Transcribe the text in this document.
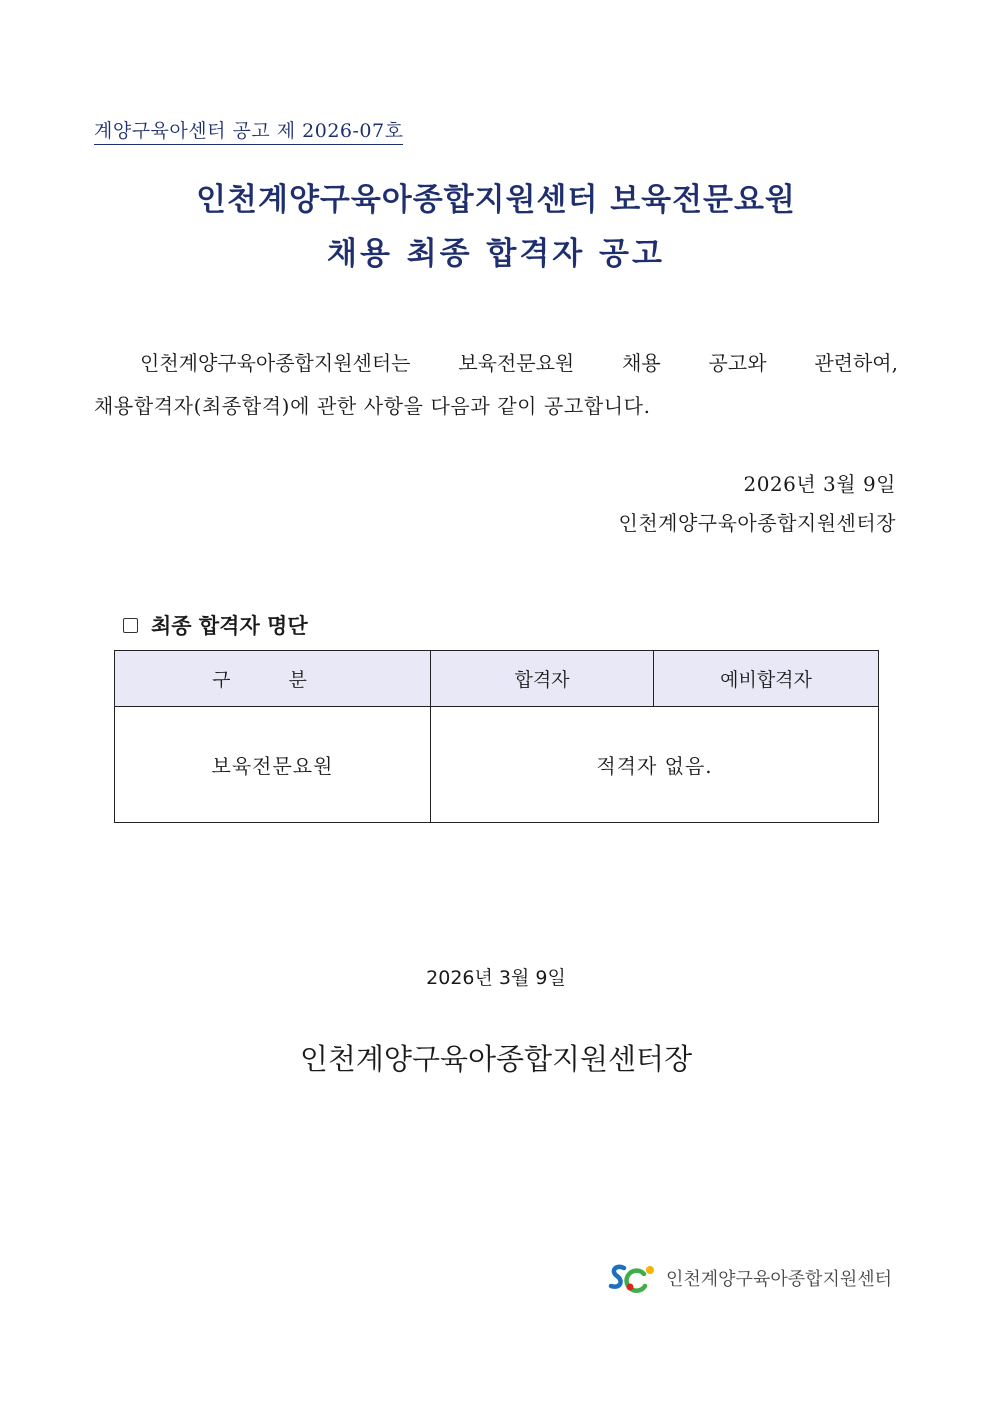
계양구육아센터 공고 제 2026-07호
인천계양구육아종합지원센터 보육전문요원
채용 최종 합격자 공고
인천계양구육아종합지원센터는 보육전문요원 채용 공고와 관련하여,
채용합격자(최종합격)에 관한 사항을 다음과 같이 공고합니다.
2026년 3월 9일
인천계양구육아종합지원센터장
최종 합격자 명단
구 분	합격자	예비합격자
보육전문요원	적격자 없음.	
2026년 3월 9일
인천계양구육아종합지원센터장
인천계양구육아종합지원센터
